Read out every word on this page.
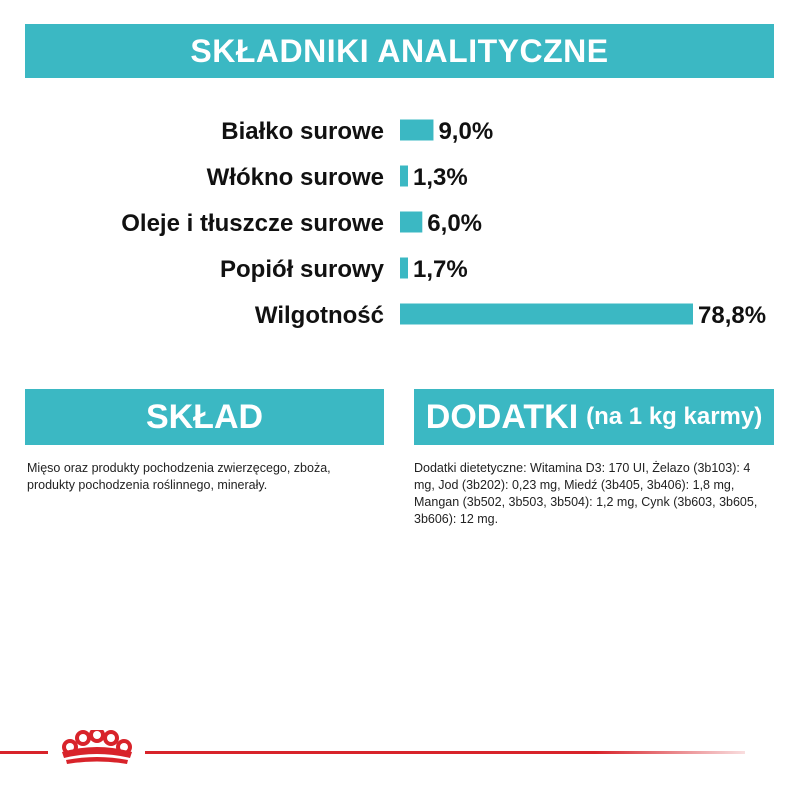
SKŁADNIKI ANALITYCZNE
Białko surowe 9,0%
Włókno surowe 1,3%
Oleje i tłuszcze surowe 6,0%
Popiół surowy 1,7%
Wilgotność	78,8%
SKŁAD
Mięso oraz produkty pochodzenia zwierzęcego, zboża, produkty pochodzenia roślinnego, minerały.
DODATKI (na 1 kg karmy)
Dodatki dietetyczne: Witamina D3: 170 UI, Żelazo (3b103): 4 mg, Jod (3b202): 0,23 mg, Miedź (3b405, 3b406): 1,8 mg, Mangan (3b502, 3b503, 3b504): 1,2 mg, Cynk (3b603, 3b605, 3b606): 12 mg.
